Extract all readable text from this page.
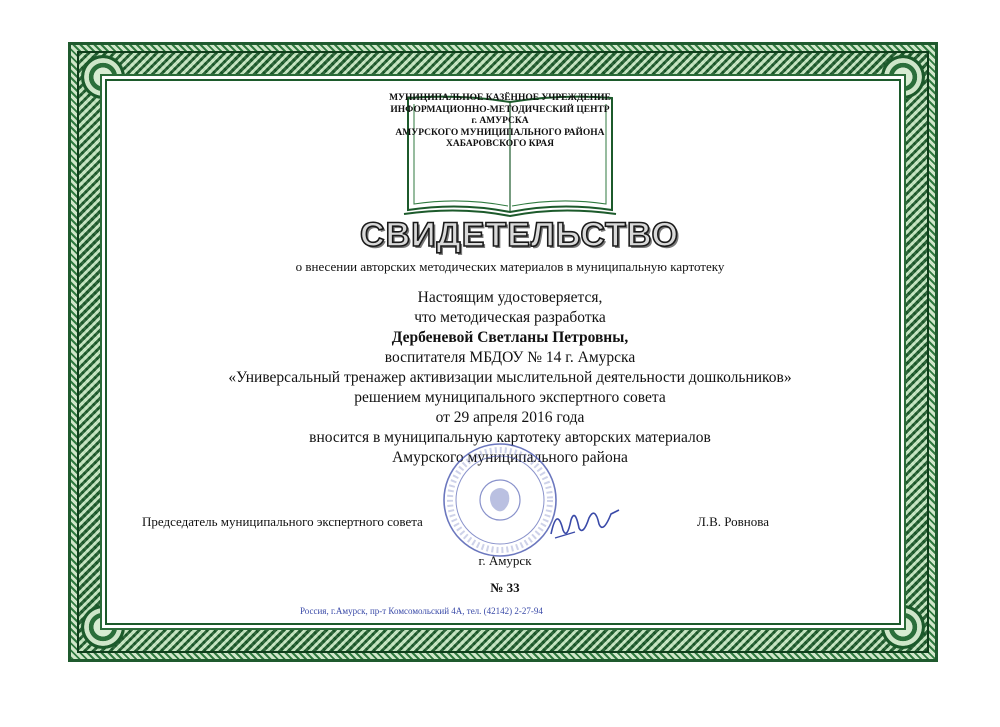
МУНИЦИПАЛЬНОЕ КАЗЁННОЕ УЧРЕЖДЕНИЕ
ИНФОРМАЦИОННО-МЕТОДИЧЕСКИЙ ЦЕНТР
г. АМУРСКА
АМУРСКОГО МУНИЦИПАЛЬНОГО РАЙОНА
ХАБАРОВСКОГО КРАЯ
СВИДЕТЕЛЬСТВО
о внесении авторских методических материалов в муниципальную картотеку
Настоящим удостоверяется,
что методическая разработка
Дербеневой Светланы Петровны,
воспитателя МБДОУ № 14 г. Амурска
«Универсальный тренажер активизации мыслительной деятельности дошкольников»
решением муниципального экспертного совета
от 29 апреля 2016 года
вносится в муниципальную картотеку авторских материалов
Амурского муниципального района
Председатель муниципального экспертного совета	Л.В. Ровнова
г. Амурск
№ 33
Россия, г.Амурск, пр-т Комсомольский 4А, тел. (42142) 2-27-94
